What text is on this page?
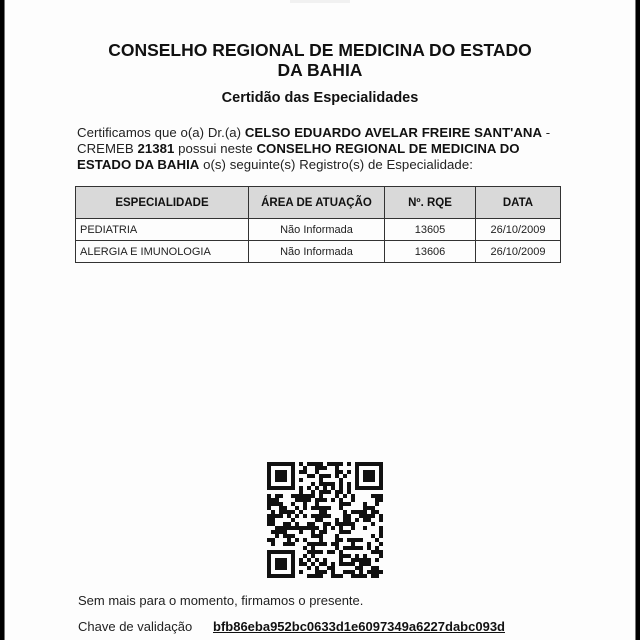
CONSELHO REGIONAL DE MEDICINA DO ESTADO
DA BAHIA
Certidão das Especialidades
Certificamos que o(a) Dr.(a) CELSO EDUARDO AVELAR FREIRE SANT'ANA - CREMEB 21381 possui neste CONSELHO REGIONAL DE MEDICINA DO ESTADO DA BAHIA o(s) seguinte(s) Registro(s) de Especialidade:
ESPECIALIDADE	ÁREA DE ATUAÇÃO	Nº. RQE	DATA
PEDIATRIA	Não Informada	13605	26/10/2009
ALERGIA E IMUNOLOGIA	Não Informada	13606	26/10/2009
Sem mais para o momento, firmamos o presente.
Chave de validação bfb86eba952bc0633d1e6097349a6227dabc093d
